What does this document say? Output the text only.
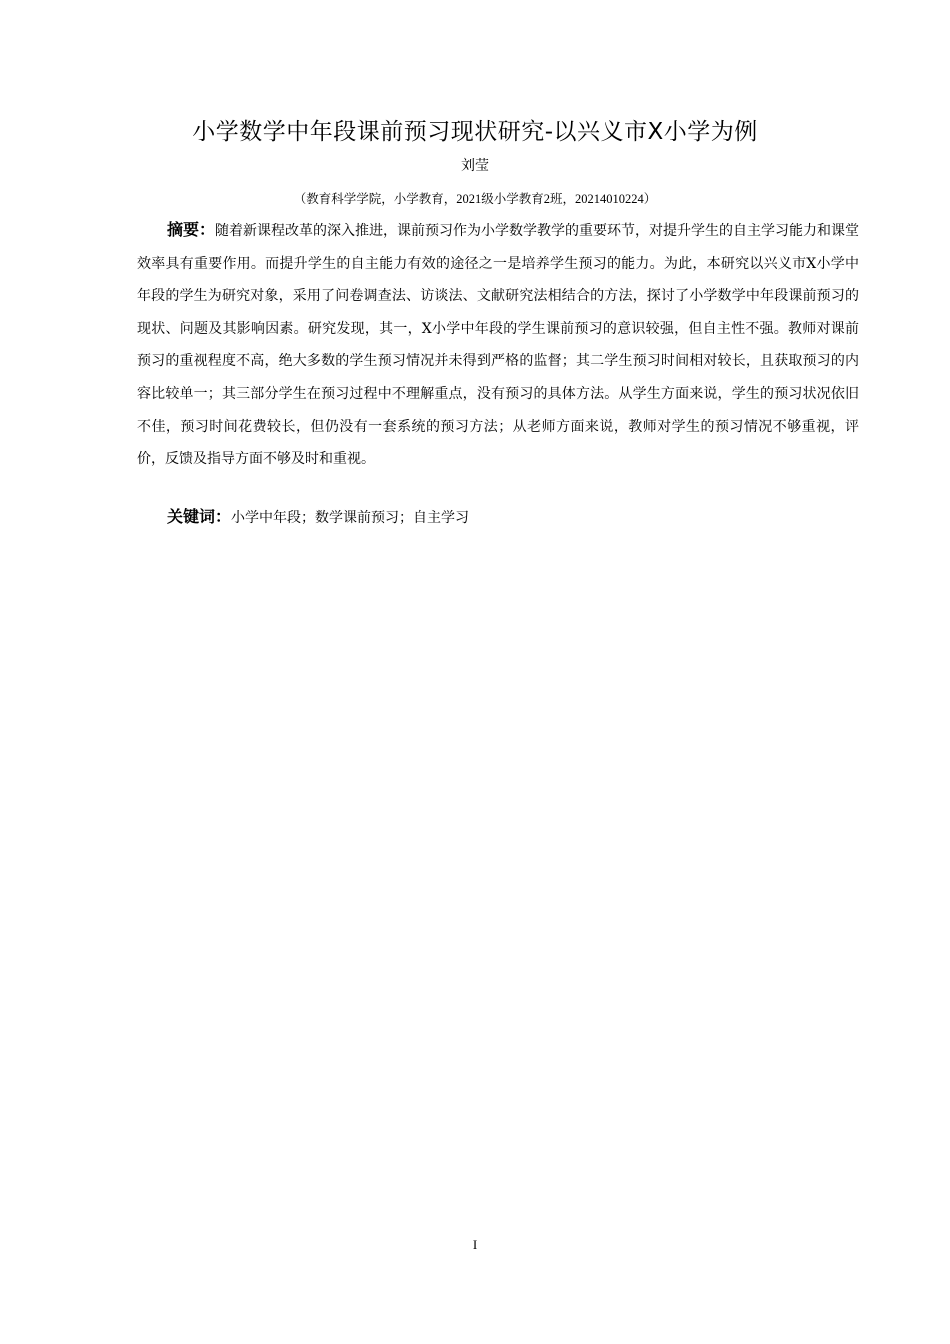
小学数学中年段课前预习现状研究-以兴义市X小学为例
刘莹
（教育科学学院，小学教育，2021级小学教育2班，20214010224）

摘要：随着新课程改革的深入推进，课前预习作为小学数学教学的重要环节，对提升学生的自主学习能力和课堂效率具有重要作用。而提升学生的自主能力有效的途径之一是培养学生预习的能力。为此，本研究以兴义市X小学中年段的学生为研究对象，采用了问卷调查法、访谈法、文献研究法相结合的方法，探讨了小学数学中年段课前预习的现状、问题及其影响因素。研究发现，其一，X小学中年段的学生课前预习的意识较强，但自主性不强。教师对课前预习的重视程度不高，绝大多数的学生预习情况并未得到严格的监督；其二学生预习时间相对较长，且获取预习的内容比较单一；其三部分学生在预习过程中不理解重点，没有预习的具体方法。从学生方面来说，学生的预习状况依旧不佳，预习时间花费较长，但仍没有一套系统的预习方法；从老师方面来说，教师对学生的预习情况不够重视，评价，反馈及指导方面不够及时和重视。

关键词：小学中年段；数学课前预习；自主学习

I
